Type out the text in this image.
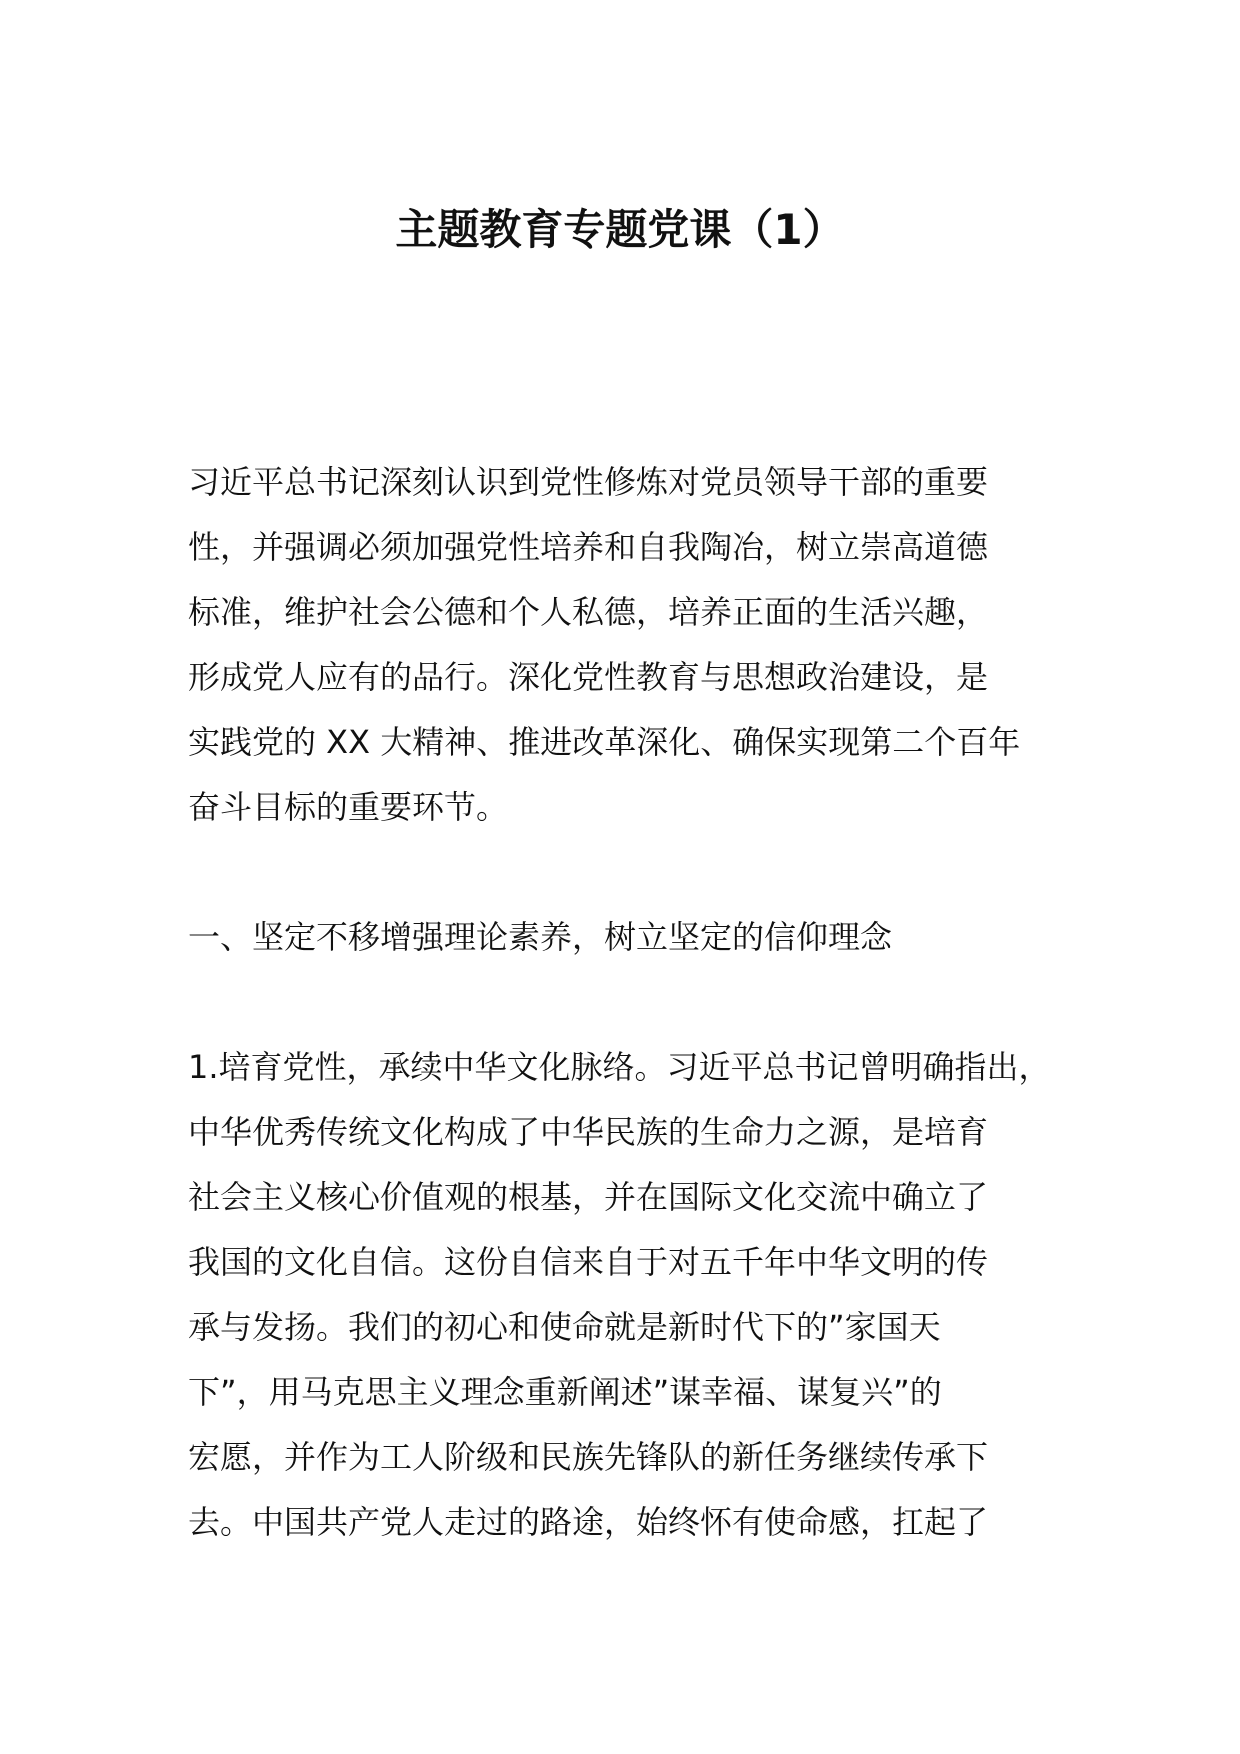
主题教育专题党课（1）
习近平总书记深刻认识到党性修炼对党员领导干部的重要
性，并强调必须加强党性培养和自我陶冶，树立崇高道德
标准，维护社会公德和个人私德，培养正面的生活兴趣，
形成党人应有的品行。深化党性教育与思想政治建设，是
实践党的 XX 大精神、推进改革深化、确保实现第二个百年
奋斗目标的重要环节。
一、坚定不移增强理论素养，树立坚定的信仰理念
1.培育党性，承续中华文化脉络。习近平总书记曾明确指出，
中华优秀传统文化构成了中华民族的生命力之源，是培育
社会主义核心价值观的根基，并在国际文化交流中确立了
我国的文化自信。这份自信来自于对五千年中华文明的传
承与发扬。我们的初心和使命就是新时代下的”家国天
下”，用马克思主义理念重新阐述”谋幸福、谋复兴”的
宏愿，并作为工人阶级和民族先锋队的新任务继续传承下
去。中国共产党人走过的路途，始终怀有使命感，扛起了
